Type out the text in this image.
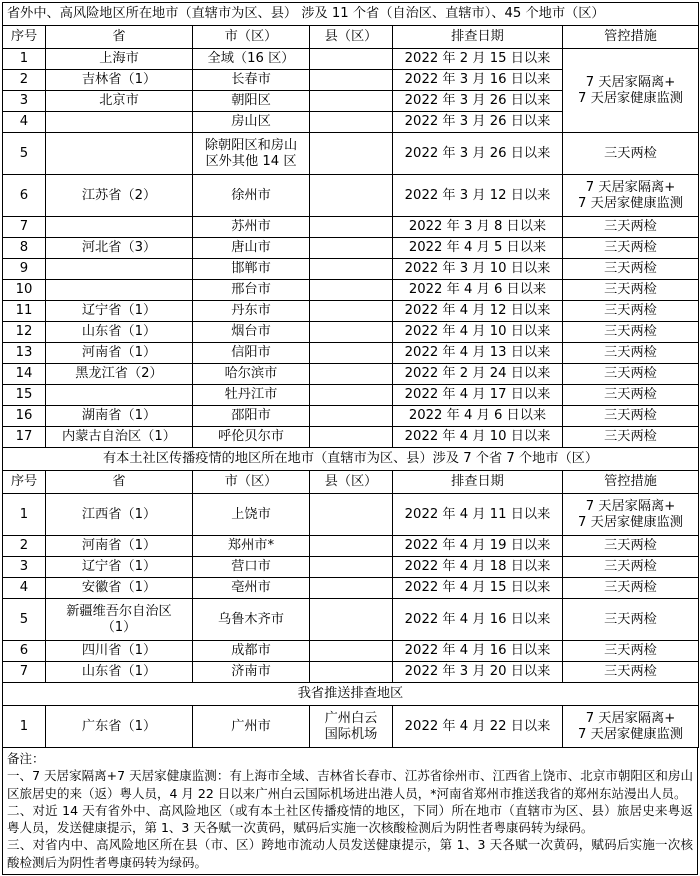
省外中、高风险地区所在地市（直辖市为区、县） 涉及 11 个省（自治区、直辖市）、45 个地市（区）					
序号	省	市（区）	县（区）	排查日期	管控措施
1	上海市	全域（16 区）		2022 年 2 月 15 日以来	7 天居家隔离+
7 天居家健康监测
2	吉林省（1）	长春市		2022 年 3 月 16 日以来	
3	北京市	朝阳区		2022 年 3 月 26 日以来	
4		房山区		2022 年 3 月 26 日以来	
5		除朝阳区和房山
区外其他 14 区		2022 年 3 月 26 日以来	三天两检
6	江苏省（2）	徐州市		2022 年 3 月 12 日以来	7 天居家隔离+
7 天居家健康监测
7		苏州市		2022 年 3 月 8 日以来	三天两检
8	河北省（3）	唐山市		2022 年 4 月 5 日以来	三天两检
9		邯郸市		2022 年 3 月 10 日以来	三天两检
10		邢台市		2022 年 4 月 6 日以来	三天两检
11	辽宁省（1）	丹东市		2022 年 4 月 12 日以来	三天两检
12	山东省（1）	烟台市		2022 年 4 月 10 日以来	三天两检
13	河南省（1）	信阳市		2022 年 4 月 13 日以来	三天两检
14	黑龙江省（2）	哈尔滨市		2022 年 2 月 24 日以来	三天两检
15		牡丹江市		2022 年 4 月 17 日以来	三天两检
16	湖南省（1）	邵阳市		2022 年 4 月 6 日以来	三天两检
17	内蒙古自治区（1）	呼伦贝尔市		2022 年 4 月 10 日以来	三天两检
有本土社区传播疫情的地区所在地市（直辖市为区、县）涉及 7 个省 7 个地市（区）					
序号	省	市（区）	县（区）	排查日期	管控措施
1	江西省（1）	上饶市		2022 年 4 月 11 日以来	7 天居家隔离+
7 天居家健康监测
2	河南省（1）	郑州市*		2022 年 4 月 19 日以来	三天两检
3	辽宁省（1）	营口市		2022 年 4 月 18 日以来	三天两检
4	安徽省（1）	亳州市		2022 年 4 月 15 日以来	三天两检
5	新疆维吾尔自治区
（1）	乌鲁木齐市		2022 年 4 月 16 日以来	三天两检
6	四川省（1）	成都市		2022 年 4 月 16 日以来	三天两检
7	山东省（1）	济南市		2022 年 3 月 20 日以来	三天两检
我省推送排查地区					
1	广东省（1）	广州市	广州白云
国际机场	2022 年 4 月 22 日以来	7 天居家隔离+
7 天居家健康监测

备注：

一、7 天居家隔离+7 天居家健康监测：有上海市全域、吉林省长春市、江苏省徐州市、江西省上饶市、北京市朝阳区和房山区旅居史的来（返）粤人员，4 月 22 日以来广州白云国际机场进出港人员，*河南省郑州市推送我省的郑州东站漫出人员。

二、对近 14 天有省外中、高风险地区（或有本土社区传播疫情的地区，下同）所在地市（直辖市为区、县）旅居史来粤返粤人员，发送健康提示，第 1、3 天各赋一次黄码，赋码后实施一次核酸检测后为阴性者粤康码转为绿码。

三、对省内中、高风险地区所在县（市、区）跨地市流动人员发送健康提示，第 1、3 天各赋一次黄码，赋码后实施一次核酸检测后为阴性者粤康码转为绿码。
